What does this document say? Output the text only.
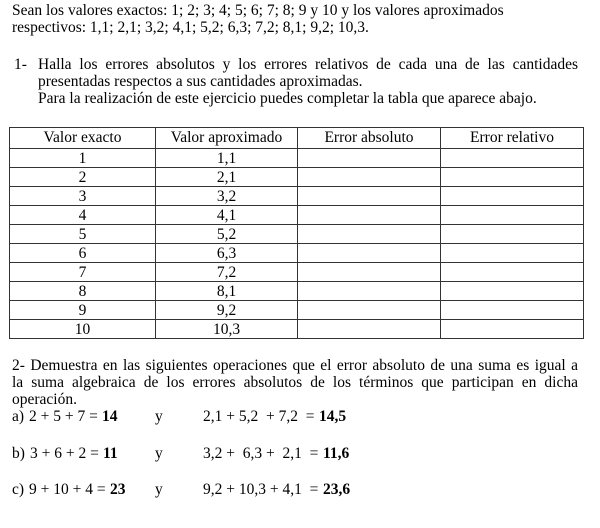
Sean los valores exactos: 1; 2; 3; 4; 5; 6; 7; 8; 9 y 10 y los valores aproximados
respectivos: 1,1; 2,1; 3,2; 4,1; 5,2; 6,3; 7,2; 8,1; 9,2; 10,3.
1- Halla los errores absolutos y los errores relativos de cada una de las cantidades
presentadas respectos a sus cantidades aproximadas.
Para la realización de este ejercicio puedes completar la tabla que aparece abajo.
Valor exacto	Valor aproximado	Error absoluto	Error relativo
1	1,1		
2	2,1		
3	3,2		
4	4,1		
5	5,2		
6	6,3		
7	7,2		
8	8,1		
9	9,2		
10	10,3		
2- Demuestra en las siguientes operaciones que el error absoluto de una suma es igual a
la suma algebraica de los errores absolutos de los términos que participan en dicha
operación.
a) 2 + 5 + 7 = 14 y	2,1 + 5,2  + 7,2  = 14,5
b) 3 + 6 + 2 = 11 y	3,2 +  6,3 +  2,1  = 11,6
c) 9 + 10 + 4 = 23 y	9,2 + 10,3 + 4,1  = 23,6
